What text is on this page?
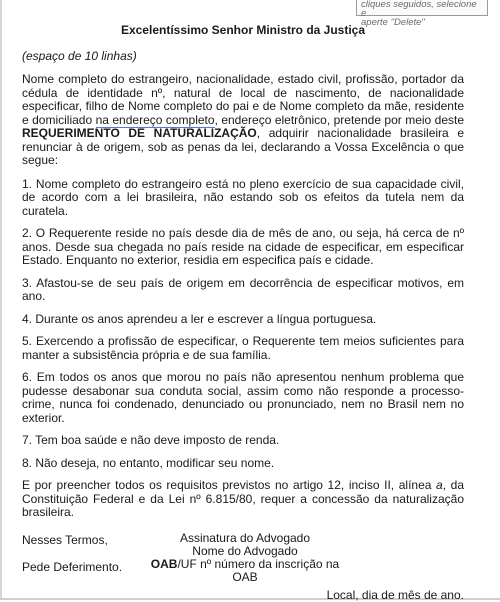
cliques seguidos, selecione e
aperte "Delete"
Excelentíssimo Senhor Ministro da Justiça
(espaço de 10 linhas)

Nome completo do estrangeiro, nacionalidade, estado civil, profissão, portador da cédula de identidade nº, natural de local de nascimento, de nacionalidade especificar, filho de Nome completo do pai e de Nome completo da mãe, residente e domiciliado na endereço completo, endereço eletrônico, pretende por meio deste REQUERIMENTO DE NATURALIZAÇÃO, adquirir nacionalidade brasileira e renunciar à de origem, sob as penas da lei, declarando a Vossa Excelência o que segue:

1. Nome completo do estrangeiro está no pleno exercício de sua capacidade civil, de acordo com a lei brasileira, não estando sob os efeitos da tutela nem da curatela.

2. O Requerente reside no país desde dia de mês de ano, ou seja, há cerca de nº anos. Desde sua chegada no país reside na cidade de especificar, em especificar Estado. Enquanto no exterior, residia em especifica país e cidade.

3. Afastou-se de seu país de origem em decorrência de especificar motivos, em ano.

4. Durante os anos aprendeu a ler e escrever a língua portuguesa.

5. Exercendo a profissão de especificar, o Requerente tem meios suficientes para manter a subsistência própria e de sua família.

6. Em todos os anos que morou no país não apresentou nenhum problema que pudesse desabonar sua conduta social, assim como não responde a processo-crime, nunca foi condenado, denunciado ou pronunciado, nem no Brasil nem no exterior.

7. Tem boa saúde e não deve imposto de renda.

8. Não deseja, no entanto, modificar seu nome.

E por preencher todos os requisitos previstos no artigo 12, inciso II, alínea a, da Constituição Federal e da Lei nº 6.815/80, requer a concessão da naturalização brasileira.

Nesses Termos,
Pede Deferimento.
Local, dia de mês de ano.
Assinatura do Advogado
Nome do Advogado
OAB/UF nº número da inscrição na OAB
